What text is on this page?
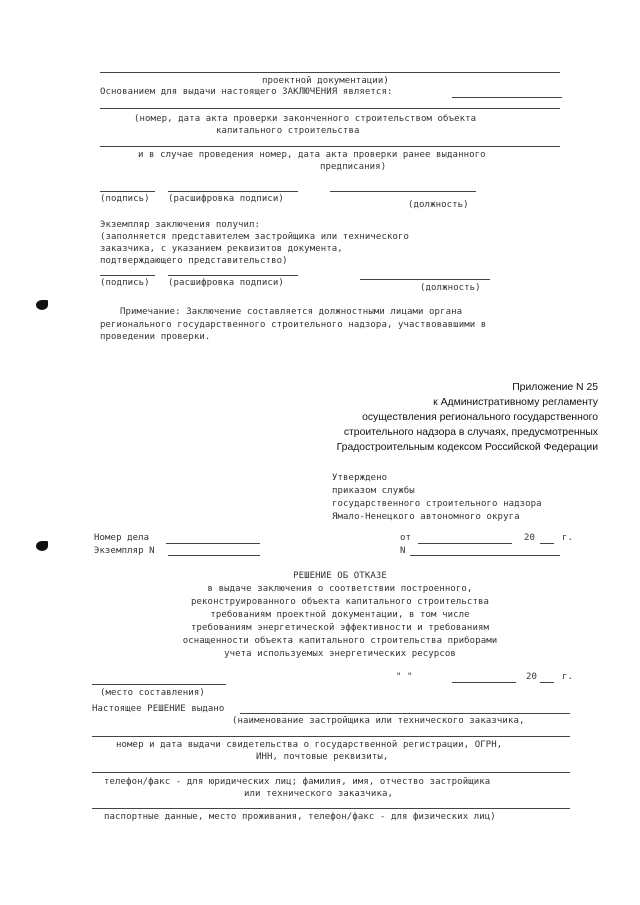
проектной документации)
Основанием для выдачи настоящего ЗАКЛЮЧЕНИЯ является:
(номер, дата акта проверки законченного строительством объекта
капитального строительства
и в случае проведения номер, дата акта проверки ранее выданного
предписания)
(подпись) (расшифровка подписи)
(должность)
Экземпляр заключения получил:
(заполняется представителем застройщика или технического
заказчика, с указанием реквизитов документа,
подтверждающего представительство)
(подпись) (расшифровка подписи)	(должность)
Примечание: Заключение составляется должностными лицами органа
регионального государственного строительного надзора, участвовавшими в
проведении проверки.
Приложение N 25
к Административному регламенту
осуществления регионального государственного
строительного надзора в случаях, предусмотренных
Градостроительным кодексом Российской Федерации
Утверждено
приказом службы
государственного строительного надзора
Ямало-Ненецкого автономного округа
Номер дела
Экземпляр N
от	20	г.
N
РЕШЕНИЕ ОБ ОТКАЗЕ
в выдаче заключения о соответствии построенного,
реконструированного объекта капитального строительства
требованиям проектной документации, в том числе
требованиям энергетической эффективности и требованиям
оснащенности объекта капитального строительства приборами
учета используемых энергетических ресурсов
(место составления)
" "	20	г.
Настоящее РЕШЕНИЕ выдано
(наименование застройщика или технического заказчика,
номер и дата выдачи свидетельства о государственной регистрации, ОГРН,
ИНН, почтовые реквизиты,
телефон/факс - для юридических лиц; фамилия, имя, отчество застройщика
или технического заказчика,
паспортные данные, место проживания, телефон/факс - для физических лиц)
